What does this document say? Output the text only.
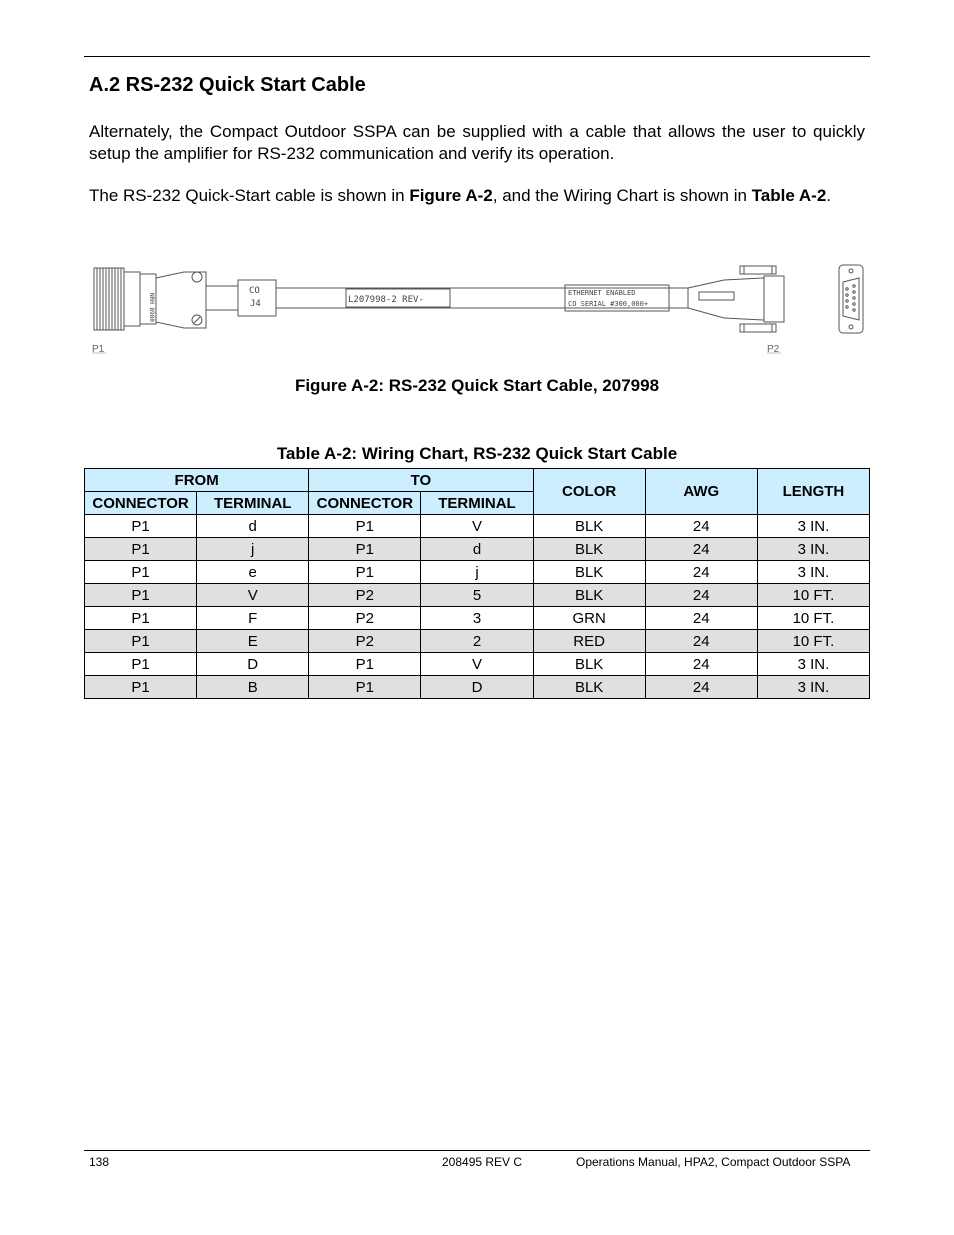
A.2 RS-232 Quick Start Cable

Alternately, the Compact Outdoor SSPA can be supplied with a cable that allows the user to quickly setup the amplifier for RS-232 communication and verify its operation.

The RS-232 Quick-Start cable is shown in Figure A-2, and the Wiring Chart is shown in Table A-2.

NRH 8980
CO
J4	L207998-2 REV-
ETHERNET ENABLED
CO SERIAL #300,000+
P1	P2

Figure A-2: RS-232 Quick Start Cable, 207998

Table A-2: Wiring Chart, RS-232 Quick Start Cable

FROM		TO		COLOR	AWG	LENGTH
CONNECTOR	TERMINAL	CONNECTOR	TERMINAL			
P1	d	P1	V	BLK	24	3 IN.
P1	j	P1	d	BLK	24	3 IN.
P1	e	P1	j	BLK	24	3 IN.
P1	V	P2	5	BLK	24	10 FT.
P1	F	P2	3	GRN	24	10 FT.
P1	E	P2	2	RED	24	10 FT.
P1	D	P1	V	BLK	24	3 IN.
P1	B	P1	D	BLK	24	3 IN.
138	208495 REV C	Operations Manual, HPA2, Compact Outdoor SSPA
